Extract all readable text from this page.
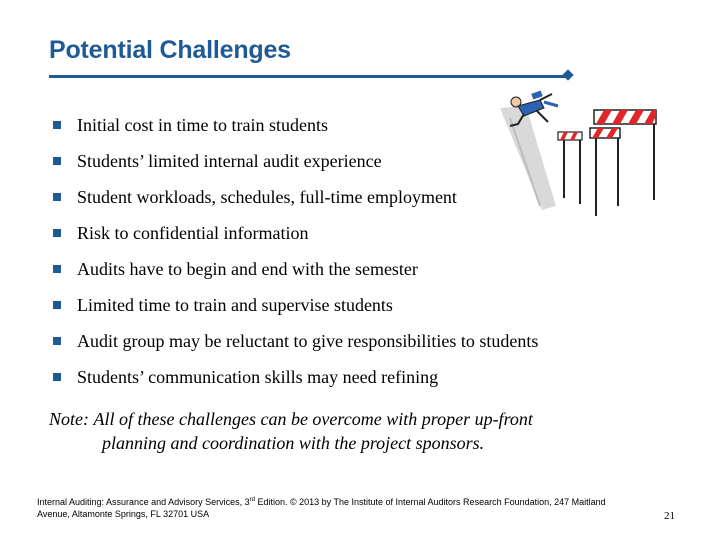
Potential Challenges
Initial cost in time to train students
Students’ limited internal audit experience
Student workloads, schedules, full-time employment
Risk to confidential information
Audits have to begin and end with the semester
Limited time to train and supervise students
Audit group may be reluctant to give responsibilities to students
Students’ communication skills may need refining
Note: All of these challenges can be overcome with proper up-front
planning and coordination with the project sponsors.
Internal Auditing: Assurance and Advisory Services, 3rd Edition. © 2013 by The Institute of Internal Auditors Research Foundation, 247 Maitland
Avenue, Altamonte Springs, FL 32701 USA	21
